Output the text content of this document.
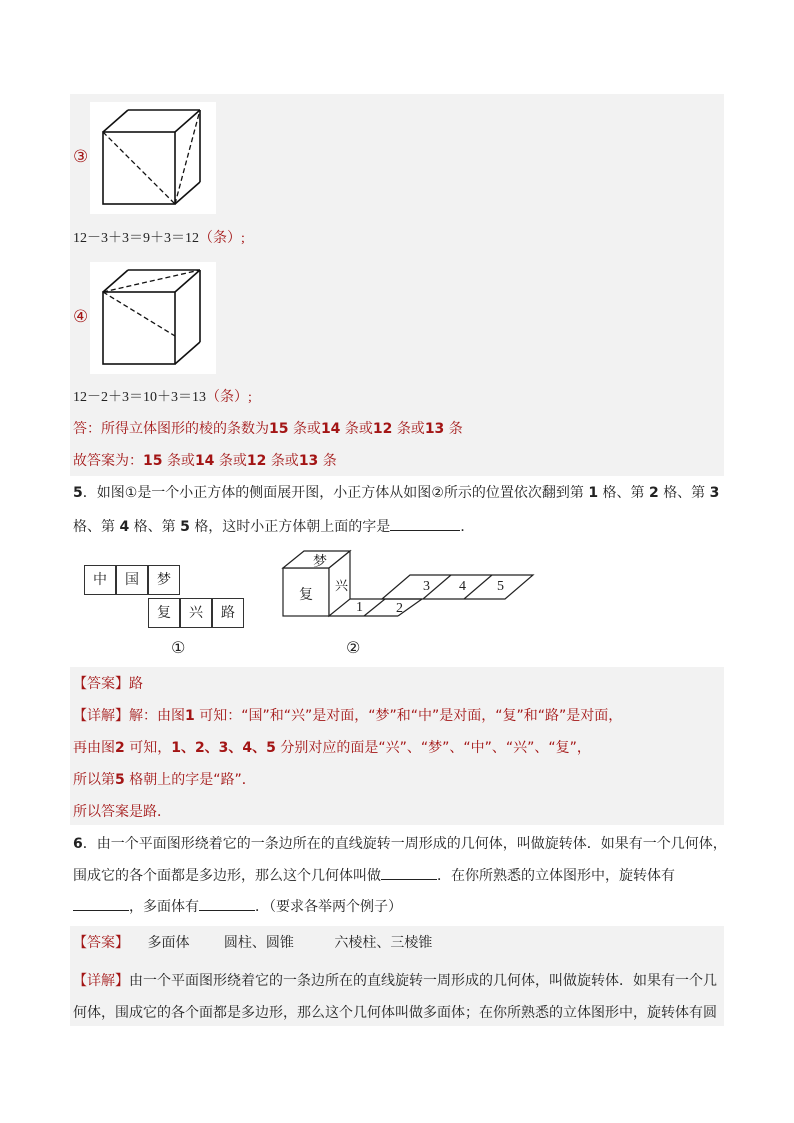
③
12－3＋3＝9＋3＝12（条）;
④
12－2＋3＝10＋3＝13（条）;
答：所得立体图形的棱的条数为15 条或14 条或12 条或13 条
故答案为：15 条或14 条或12 条或13 条
5．如图①是一个小正方体的侧面展开图，小正方体从如图②所示的位置依次翻到第 1 格、第 2 格、第 3
格、第 4 格、第 5 格，这时小正方体朝上面的字是	．
中	国	梦
复	兴	路
①
梦
复
兴
1 2
3 4 5
②
【答案】路
【详解】解：由图1 可知：“国”和“兴”是对面，“梦”和“中”是对面，“复”和“路”是对面，
再由图2 可知，1、2、3、4、5 分别对应的面是“兴”、“梦”、“中”、“兴”、“复”，
所以第5 格朝上的字是“路”．
所以答案是路．
6．由一个平面图形绕着它的一条边所在的直线旋转一周形成的几何体，叫做旋转体．如果有一个几何体，
围成它的各个面都是多边形，那么这个几何体叫做	．在你所熟悉的立体图形中，旋转体有
，多面体有	．（要求各举两个例子）
【答案】 多面体 圆柱、圆锥	六棱柱、三棱锥
【详解】由一个平面图形绕着它的一条边所在的直线旋转一周形成的几何体，叫做旋转体．如果有一个几
何体，围成它的各个面都是多边形，那么这个几何体叫做多面体；在你所熟悉的立体图形中，旋转体有圆
